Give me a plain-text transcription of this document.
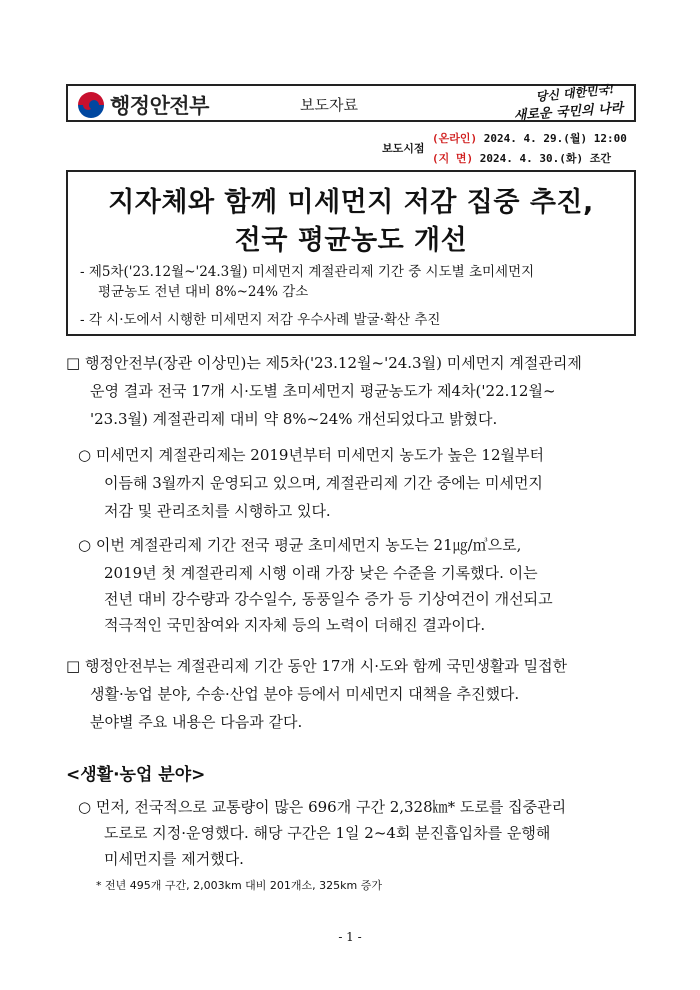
행정안전부	보도자료
당신 대한민국!
새로운 국민의 나라
보도시점
(온라인) 2024. 4. 29.(월) 12:00
(지 면) 2024. 4. 30.(화) 조간
지자체와 함께 미세먼지 저감 집중 추진,
전국 평균농도 개선
- 제5차('23.12월~'24.3월) 미세먼지 계절관리제 기간 중 시도별 초미세먼지
평균농도 전년 대비 8%~24% 감소
- 각 시·도에서 시행한 미세먼지 저감 우수사례 발굴·확산 추진
□ 행정안전부(장관 이상민)는 제5차('23.12월~'24.3월) 미세먼지 계절관리제
운영 결과 전국 17개 시·도별 초미세먼지 평균농도가 제4차('22.12월~
'23.3월) 계절관리제 대비 약 8%~24% 개선되었다고 밝혔다.
○ 미세먼지 계절관리제는 2019년부터 미세먼지 농도가 높은 12월부터
이듬해 3월까지 운영되고 있으며, 계절관리제 기간 중에는 미세먼지
저감 및 관리조치를 시행하고 있다.
○ 이번 계절관리제 기간 전국 평균 초미세먼지 농도는 21㎍/㎥으로,
2019년 첫 계절관리제 시행 이래 가장 낮은 수준을 기록했다. 이는
전년 대비 강수량과 강수일수, 동풍일수 증가 등 기상여건이 개선되고
적극적인 국민참여와 지자체 등의 노력이 더해진 결과이다.
□ 행정안전부는 계절관리제 기간 동안 17개 시·도와 함께 국민생활과 밀접한
생활·농업 분야, 수송·산업 분야 등에서 미세먼지 대책을 추진했다.
분야별 주요 내용은 다음과 같다.
<생활·농업 분야>
○ 먼저, 전국적으로 교통량이 많은 696개 구간 2,328㎞* 도로를 집중관리
도로로 지정·운영했다. 해당 구간은 1일 2~4회 분진흡입차를 운행해
미세먼지를 제거했다.
* 전년 495개 구간, 2,003km 대비 201개소, 325km 증가
- 1 -
